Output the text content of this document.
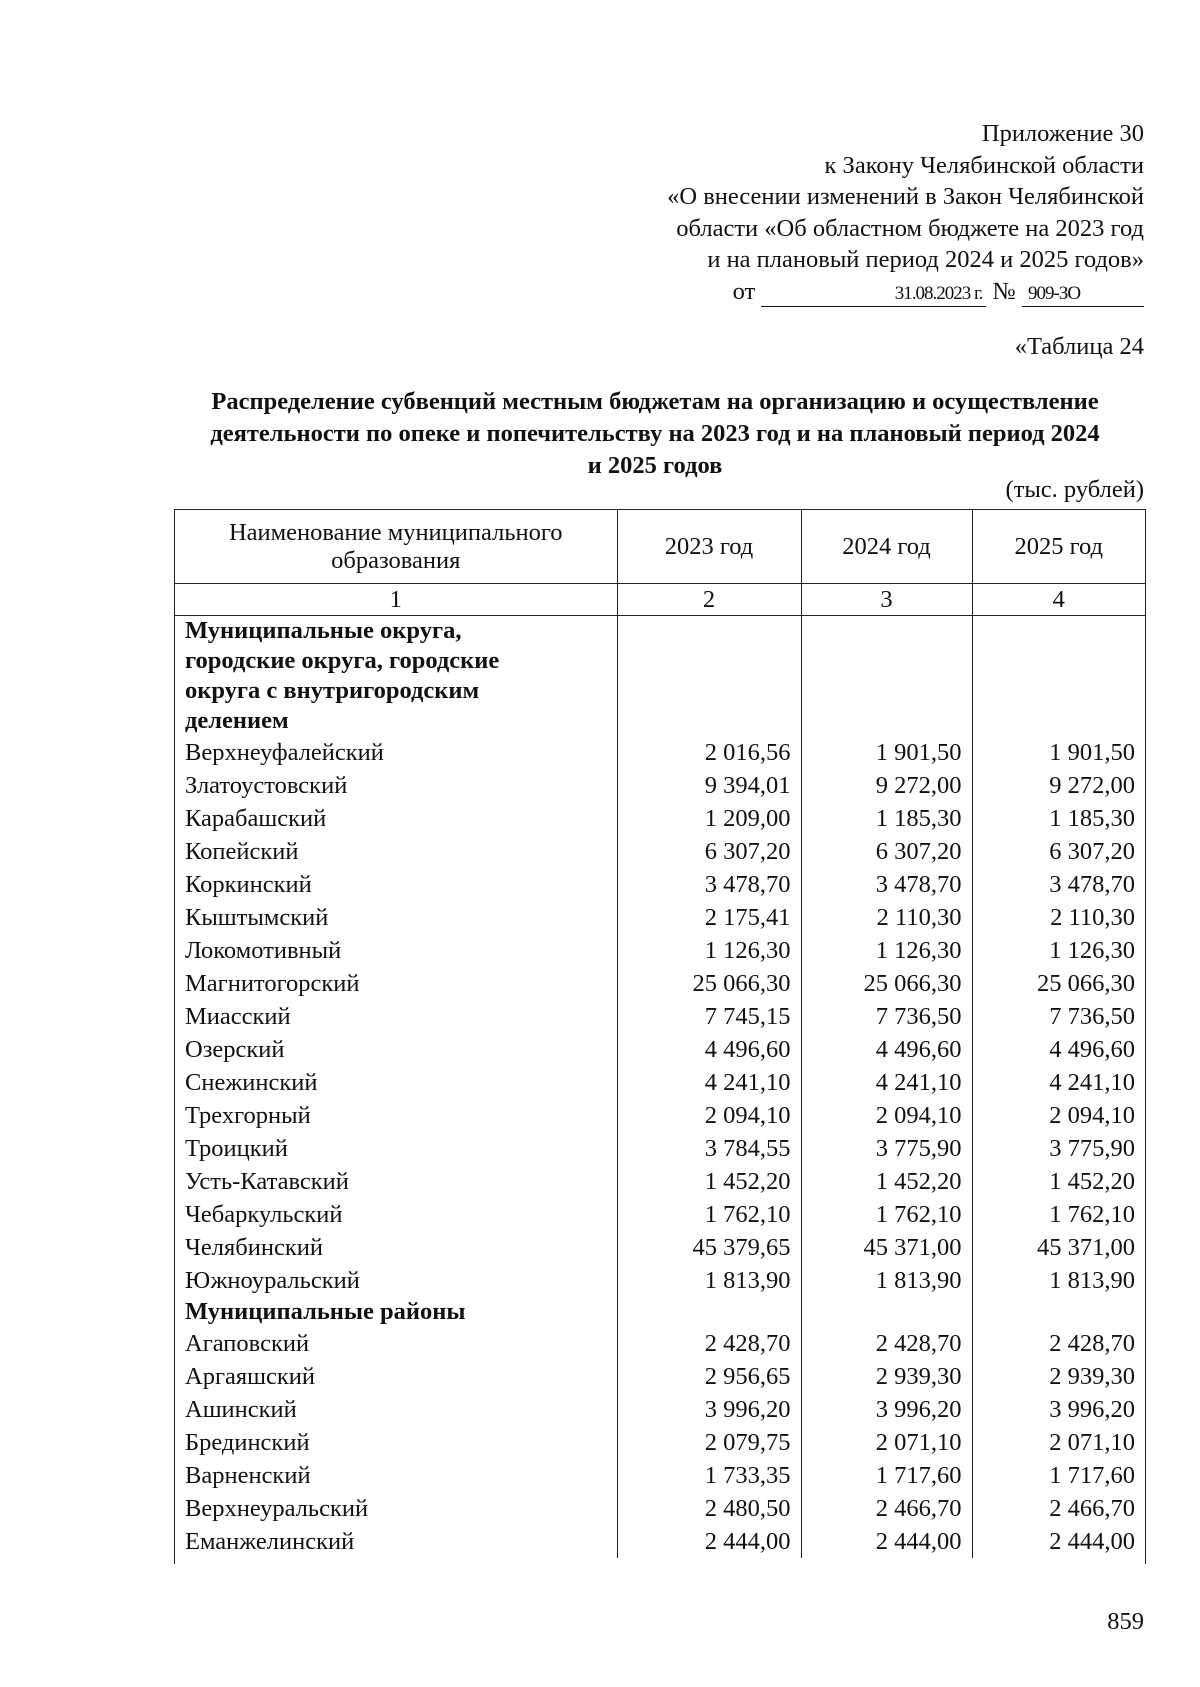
Приложение 30
к Закону Челябинской области
«О внесении изменений в Закон Челябинской
области «Об областном бюджете на 2023 год
и на плановый период 2024 и 2025 годов»
от	31.08.2023 г. № 909-ЗО
«Таблица 24
Распределение субвенций местным бюджетам на организацию и осуществление
деятельности по опеке и попечительству на 2023 год и на плановый период 2024
и 2025 годов
(тыс. рублей)
Наименование муниципального
образования	2023 год	2024 год	2025 год
1	2	3	4

Муниципальные округа,
городские округа, городские
округа с внутригородским
делением			

Верхнеуфалейский	2 016,56	1 901,50	1 901,50
Златоустовский	9 394,01	9 272,00	9 272,00
Карабашский	1 209,00	1 185,30	1 185,30
Копейский	6 307,20	6 307,20	6 307,20
Коркинский	3 478,70	3 478,70	3 478,70
Кыштымский	2 175,41	2 110,30	2 110,30
Локомотивный	1 126,30	1 126,30	1 126,30
Магнитогорский	25 066,30	25 066,30	25 066,30
Миасский	7 745,15	7 736,50	7 736,50
Озерский	4 496,60	4 496,60	4 496,60
Снежинский	4 241,10	4 241,10	4 241,10
Трехгорный	2 094,10	2 094,10	2 094,10
Троицкий	3 784,55	3 775,90	3 775,90
Усть-Катавский	1 452,20	1 452,20	1 452,20
Чебаркульский	1 762,10	1 762,10	1 762,10
Челябинский	45 379,65	45 371,00	45 371,00
Южноуральский	1 813,90	1 813,90	1 813,90
Муниципальные районы			
Агаповский	2 428,70	2 428,70	2 428,70
Аргаяшский	2 956,65	2 939,30	2 939,30
Ашинский	3 996,20	3 996,20	3 996,20
Брединский	2 079,75	2 071,10	2 071,10
Варненский	1 733,35	1 717,60	1 717,60
Верхнеуральский	2 480,50	2 466,70	2 466,70
Еманжелинский	2 444,00	2 444,00	2 444,00
859
